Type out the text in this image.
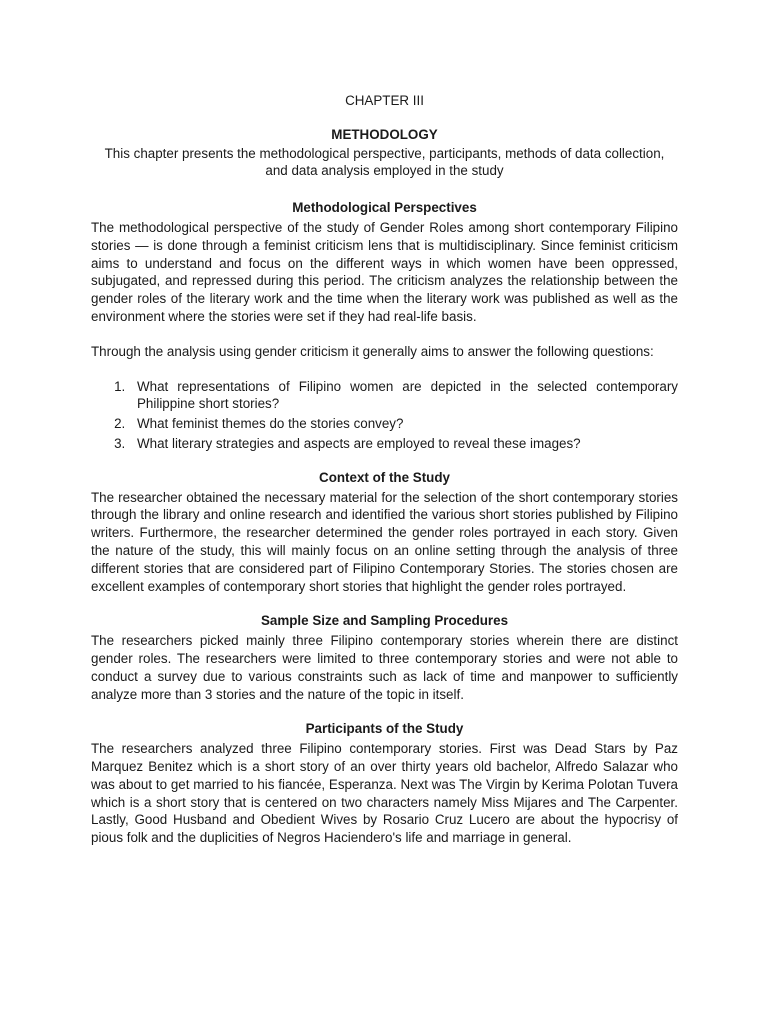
CHAPTER III
METHODOLOGY
This chapter presents the methodological perspective, participants, methods of data collection, and data analysis employed in the study
Methodological Perspectives
The methodological perspective of the study of Gender Roles among short contemporary Filipino stories — is done through a feminist criticism lens that is multidisciplinary. Since feminist criticism aims to understand and focus on the different ways in which women have been oppressed, subjugated, and repressed during this period. The criticism analyzes the relationship between the gender roles of the literary work and the time when the literary work was published as well as the environment where the stories were set if they had real-life basis.
Through the analysis using gender criticism it generally aims to answer the following questions:
1. What representations of Filipino women are depicted in the selected contemporary Philippine short stories?
2. What feminist themes do the stories convey?
3. What literary strategies and aspects are employed to reveal these images?
Context of the Study
The researcher obtained the necessary material for the selection of the short contemporary stories through the library and online research and identified the various short stories published by Filipino writers. Furthermore, the researcher determined the gender roles portrayed in each story. Given the nature of the study, this will mainly focus on an online setting through the analysis of three different stories that are considered part of Filipino Contemporary Stories. The stories chosen are excellent examples of contemporary short stories that highlight the gender roles portrayed.
Sample Size and Sampling Procedures
The researchers picked mainly three Filipino contemporary stories wherein there are distinct gender roles. The researchers were limited to three contemporary stories and were not able to conduct a survey due to various constraints such as lack of time and manpower to sufficiently analyze more than 3 stories and the nature of the topic in itself.
Participants of the Study
The researchers analyzed three Filipino contemporary stories. First was Dead Stars by Paz Marquez Benitez which is a short story of an over thirty years old bachelor, Alfredo Salazar who was about to get married to his fiancée, Esperanza. Next was The Virgin by Kerima Polotan Tuvera which is a short story that is centered on two characters namely Miss Mijares and The Carpenter. Lastly, Good Husband and Obedient Wives by Rosario Cruz Lucero are about the hypocrisy of pious folk and the duplicities of Negros Haciendero's life and marriage in general.
